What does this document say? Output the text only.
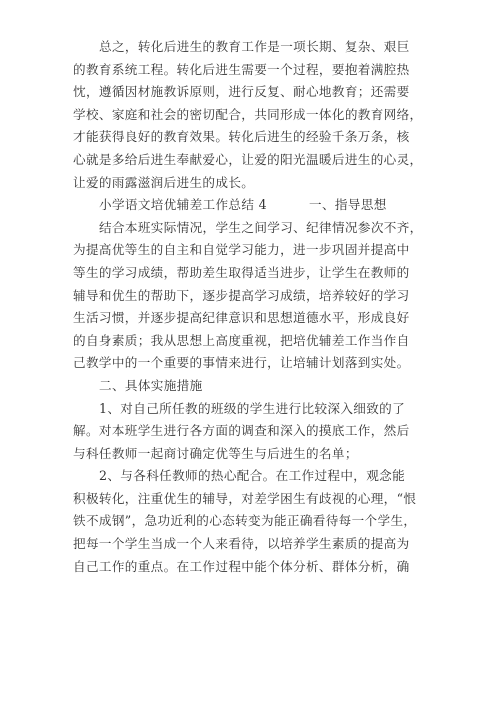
总之，转化后进生的教育工作是一项长期、复杂、艰巨
的教育系统工程。转化后进生需要一个过程，要抱着满腔热
忱，遵循因材施教诉原则，进行反复、耐心地教育；还需要
学校、家庭和社会的密切配合，共同形成一体化的教育网络，
才能获得良好的教育效果。转化后进生的经验千条万条，核
心就是多给后进生奉献爱心，让爱的阳光温暖后进生的心灵，
让爱的雨露滋润后进生的成长。
小学语文培优辅差工作总结 4	一、指导思想
结合本班实际情况，学生之间学习、纪律情况参次不齐，
为提高优等生的自主和自觉学习能力，进一步巩固并提高中
等生的学习成绩，帮助差生取得适当进步，让学生在教师的
辅导和优生的帮助下，逐步提高学习成绩，培养较好的学习
生活习惯，并逐步提高纪律意识和思想道德水平，形成良好
的自身素质；我从思想上高度重视，把培优辅差工作当作自
己教学中的一个重要的事情来进行，让培辅计划落到实处。
二、具体实施措施
1、对自己所任教的班级的学生进行比较深入细致的了
解。对本班学生进行各方面的调查和深入的摸底工作，然后
与科任教师一起商讨确定优等生与后进生的名单；
2、与各科任教师的热心配合。在工作过程中，观念能
积极转化，注重优生的辅导，对差学困生有歧视的心理，“恨
铁不成钢”，急功近利的心态转变为能正确看待每一个学生，
把每一个学生当成一个人来看待，以培养学生素质的提高为
自己工作的重点。在工作过程中能个体分析、群体分析，确
